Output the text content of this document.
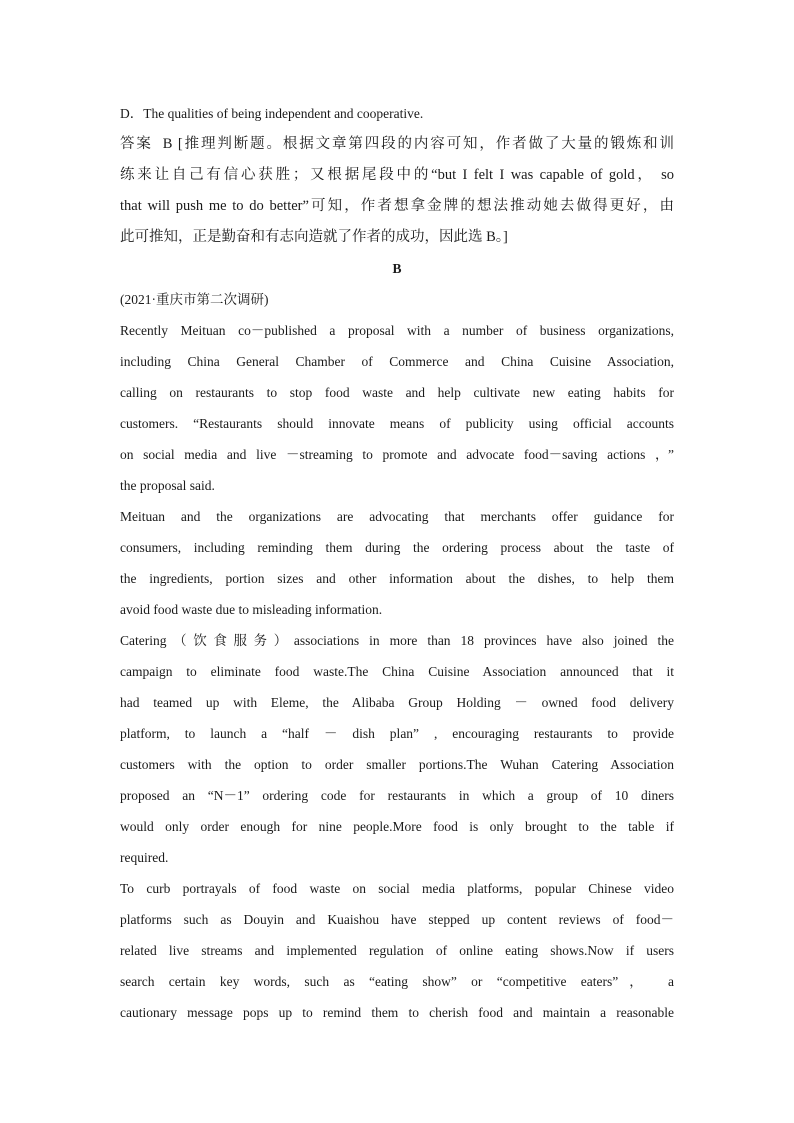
D．The qualities of being independent and cooperative.
答案 B [推理判断题。根据文章第四段的内容可知，作者做了大量的锻炼和训
练来让自己有信心获胜；又根据尾段中的“but I felt I was capable of gold， so
that will push me to do better”可知，作者想拿金牌的想法推动她去做得更好，由
此可推知，正是勤奋和有志向造就了作者的成功，因此选 B。]
B
(2021·重庆市第二次调研)
Recently Meituan co－published a proposal with a number of business organizations,
including China General Chamber of Commerce and China Cuisine Association,
calling on restaurants to stop food waste and help cultivate new eating habits for
customers. “Restaurants should innovate means of publicity using official accounts
on social media and live －streaming to promote and advocate food－saving actions ，”
the proposal said.
Meituan and the organizations are advocating that merchants offer guidance for
consumers, including reminding them during the ordering process about the taste of
the ingredients, portion sizes and other information about the dishes, to help them
avoid food waste due to misleading information.
Catering（饮食服务）associations in more than 18 provinces have also joined the
campaign to eliminate food waste.The China Cuisine Association announced that it
had teamed up with Eleme, the Alibaba Group Holding － owned food delivery
platform, to launch a “half － dish plan” , encouraging restaurants to provide
customers with the option to order smaller portions.The Wuhan Catering Association
proposed an “N－1” ordering code for restaurants in which a group of 10 diners
would only order enough for nine people.More food is only brought to the table if
required.
To curb portrayals of food waste on social media platforms, popular Chinese video
platforms such as Douyin and Kuaishou have stepped up content reviews of food－
related live streams and implemented regulation of online eating shows.Now if users
search certain key words, such as “eating show” or “competitive eaters”， a
cautionary message pops up to remind them to cherish food and maintain a reasonable
